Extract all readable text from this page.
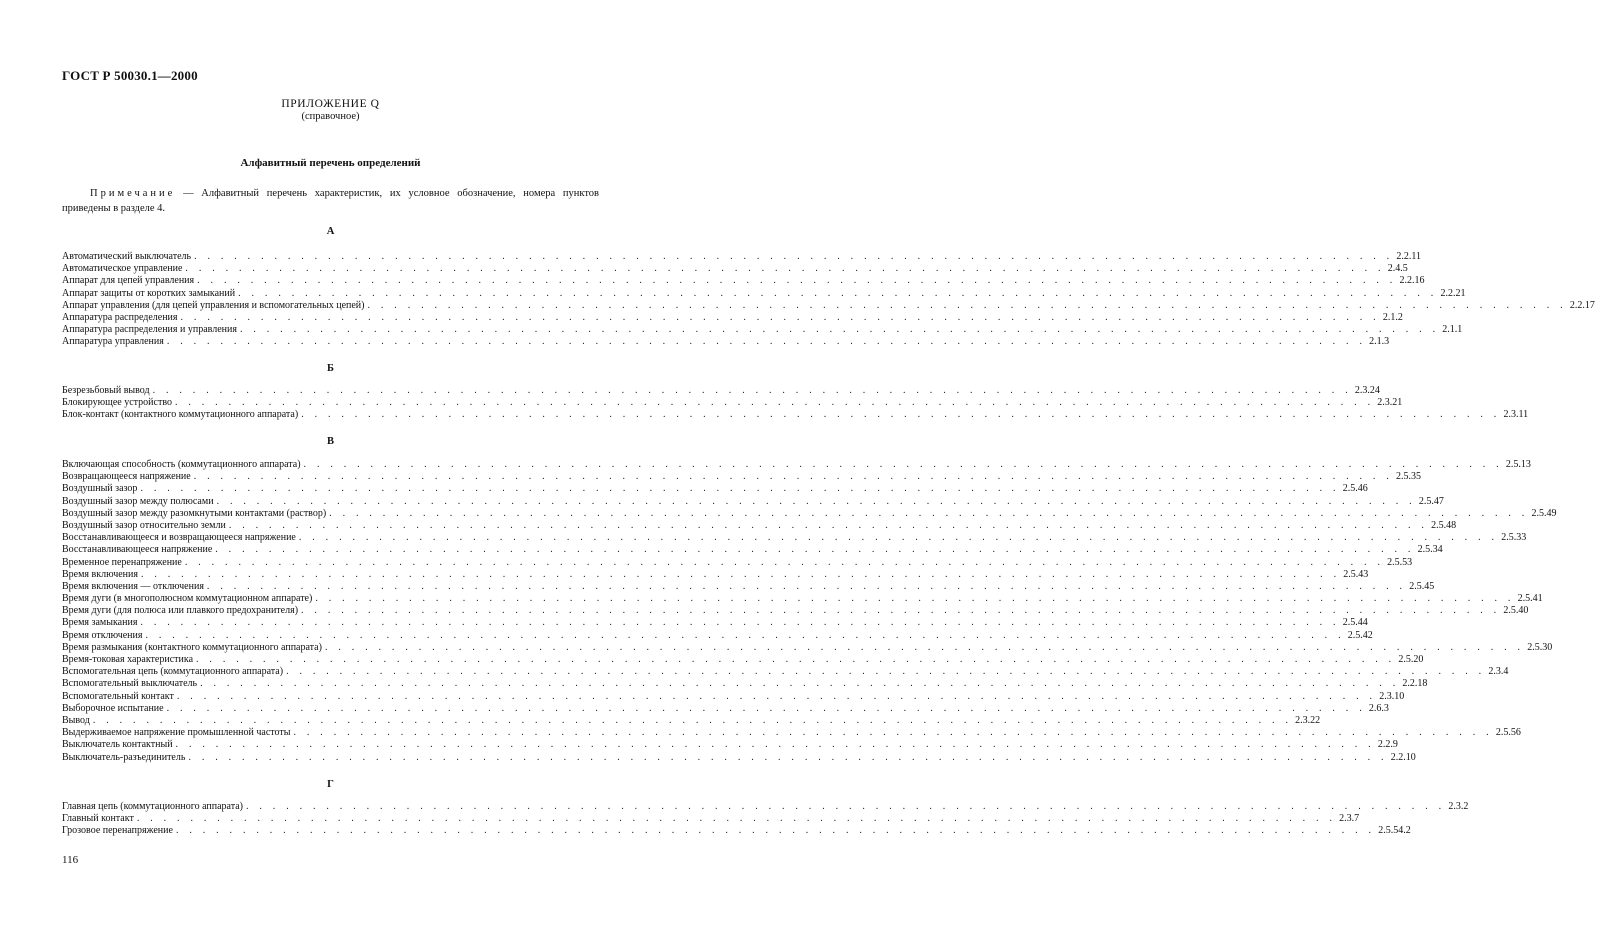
ГОСТ Р 50030.1—2000
ПРИЛОЖЕНИЕ Q
(справочное)
Алфавитный перечень определений
Примечание — Алфавитный перечень характеристик, их условное обозначение, номера пунктов приведены в разделе 4.
А
Автоматический выключатель . . . . . . . . . . . . . . . . . . . . . . . . . . . . . . . . . . . . . . . . . . . . . . . . . . . . . . . . . . . . . . . . . . . . . . . . . . . . . . . . . . . . . . . . . . 2.2.11
Автоматическое управление . . . . . . . . . . . . . . . . . . . . . . . . . . . . . . . . . . . . . . . . . . . . . . . . . . . . . . . . . . . . . . . . . . . . . . . . . . . . . . . . . . . . . . . . . . 2.4.5
Аппарат для цепей управления . . . . . . . . . . . . . . . . . . . . . . . . . . . . . . . . . . . . . . . . . . . . . . . . . . . . . . . . . . . . . . . . . . . . . . . . . . . . . . . . . . . . . . . . . . 2.2.16
Аппарат защиты от коротких замыканий . . . . . . . . . . . . . . . . . . . . . . . . . . . . . . . . . . . . . . . . . . . . . . . . . . . . . . . . . . . . . . . . . . . . . . . . . . . . . . . . . . . . . . . . . . 2.2.21
Аппарат управления (для цепей управления и вспомогательных цепей) . . . . . . . . . . . . . . . . . . . . . . . . . . . . . . . . . . . . . . . . . . . . . . . . . . . . . . . . . . . . . . . . . . . . . . . . . . . . . . . . . . . . . . . . . . 2.2.17
Аппаратура распределения . . . . . . . . . . . . . . . . . . . . . . . . . . . . . . . . . . . . . . . . . . . . . . . . . . . . . . . . . . . . . . . . . . . . . . . . . . . . . . . . . . . . . . . . . . 2.1.2
Аппаратура распределения и управления . . . . . . . . . . . . . . . . . . . . . . . . . . . . . . . . . . . . . . . . . . . . . . . . . . . . . . . . . . . . . . . . . . . . . . . . . . . . . . . . . . . . . . . . . . 2.1.1
Аппаратура управления . . . . . . . . . . . . . . . . . . . . . . . . . . . . . . . . . . . . . . . . . . . . . . . . . . . . . . . . . . . . . . . . . . . . . . . . . . . . . . . . . . . . . . . . . . 2.1.3
Б
Безрезьбовый вывод . . . . . . . . . . . . . . . . . . . . . . . . . . . . . . . . . . . . . . . . . . . . . . . . . . . . . . . . . . . . . . . . . . . . . . . . . . . . . . . . . . . . . . . . . . 2.3.24
Блокирующее устройство . . . . . . . . . . . . . . . . . . . . . . . . . . . . . . . . . . . . . . . . . . . . . . . . . . . . . . . . . . . . . . . . . . . . . . . . . . . . . . . . . . . . . . . . . . 2.3.21
Блок-контакт (контактного коммутационного аппарата) . . . . . . . . . . . . . . . . . . . . . . . . . . . . . . . . . . . . . . . . . . . . . . . . . . . . . . . . . . . . . . . . . . . . . . . . . . . . . . . . . . . . . . . . . . 2.3.11
В
Включающая способность (коммутационного аппарата) . . . . . . . . . . . . . . . . . . . . . . . . . . . . . . . . . . . . . . . . . . . . . . . . . . . . . . . . . . . . . . . . . . . . . . . . . . . . . . . . . . . . . . . . . . 2.5.13
Возвращающееся напряжение . . . . . . . . . . . . . . . . . . . . . . . . . . . . . . . . . . . . . . . . . . . . . . . . . . . . . . . . . . . . . . . . . . . . . . . . . . . . . . . . . . . . . . . . . . 2.5.35
Воздушный зазор . . . . . . . . . . . . . . . . . . . . . . . . . . . . . . . . . . . . . . . . . . . . . . . . . . . . . . . . . . . . . . . . . . . . . . . . . . . . . . . . . . . . . . . . . . 2.5.46
Воздушный зазор между полюсами . . . . . . . . . . . . . . . . . . . . . . . . . . . . . . . . . . . . . . . . . . . . . . . . . . . . . . . . . . . . . . . . . . . . . . . . . . . . . . . . . . . . . . . . . . 2.5.47
Воздушный зазор между разомкнутыми контактами (раствор) . . . . . . . . . . . . . . . . . . . . . . . . . . . . . . . . . . . . . . . . . . . . . . . . . . . . . . . . . . . . . . . . . . . . . . . . . . . . . . . . . . . . . . . . . . 2.5.49
Воздушный зазор относительно земли . . . . . . . . . . . . . . . . . . . . . . . . . . . . . . . . . . . . . . . . . . . . . . . . . . . . . . . . . . . . . . . . . . . . . . . . . . . . . . . . . . . . . . . . . . 2.5.48
Восстанавливающееся и возвращающееся напряжение . . . . . . . . . . . . . . . . . . . . . . . . . . . . . . . . . . . . . . . . . . . . . . . . . . . . . . . . . . . . . . . . . . . . . . . . . . . . . . . . . . . . . . . . . . 2.5.33
Восстанавливающееся напряжение . . . . . . . . . . . . . . . . . . . . . . . . . . . . . . . . . . . . . . . . . . . . . . . . . . . . . . . . . . . . . . . . . . . . . . . . . . . . . . . . . . . . . . . . . . 2.5.34
Временное перенапряжение . . . . . . . . . . . . . . . . . . . . . . . . . . . . . . . . . . . . . . . . . . . . . . . . . . . . . . . . . . . . . . . . . . . . . . . . . . . . . . . . . . . . . . . . . . 2.5.53
Время включения . . . . . . . . . . . . . . . . . . . . . . . . . . . . . . . . . . . . . . . . . . . . . . . . . . . . . . . . . . . . . . . . . . . . . . . . . . . . . . . . . . . . . . . . . . 2.5.43
Время включения — отключения . . . . . . . . . . . . . . . . . . . . . . . . . . . . . . . . . . . . . . . . . . . . . . . . . . . . . . . . . . . . . . . . . . . . . . . . . . . . . . . . . . . . . . . . . . 2.5.45
Время дуги (в многополюсном коммутационном аппарате) . . . . . . . . . . . . . . . . . . . . . . . . . . . . . . . . . . . . . . . . . . . . . . . . . . . . . . . . . . . . . . . . . . . . . . . . . . . . . . . . . . . . . . . . . . 2.5.41
Время дуги (для полюса или плавкого предохранителя) . . . . . . . . . . . . . . . . . . . . . . . . . . . . . . . . . . . . . . . . . . . . . . . . . . . . . . . . . . . . . . . . . . . . . . . . . . . . . . . . . . . . . . . . . . 2.5.40
Время замыкания . . . . . . . . . . . . . . . . . . . . . . . . . . . . . . . . . . . . . . . . . . . . . . . . . . . . . . . . . . . . . . . . . . . . . . . . . . . . . . . . . . . . . . . . . . 2.5.44
Время отключения . . . . . . . . . . . . . . . . . . . . . . . . . . . . . . . . . . . . . . . . . . . . . . . . . . . . . . . . . . . . . . . . . . . . . . . . . . . . . . . . . . . . . . . . . . 2.5.42
Время размыкания (контактного коммутационного аппарата) . . . . . . . . . . . . . . . . . . . . . . . . . . . . . . . . . . . . . . . . . . . . . . . . . . . . . . . . . . . . . . . . . . . . . . . . . . . . . . . . . . . . . . . . . . 2.5.30
Время-токовая характеристика . . . . . . . . . . . . . . . . . . . . . . . . . . . . . . . . . . . . . . . . . . . . . . . . . . . . . . . . . . . . . . . . . . . . . . . . . . . . . . . . . . . . . . . . . . 2.5.20
Вспомогательная цепь (коммутационного аппарата) . . . . . . . . . . . . . . . . . . . . . . . . . . . . . . . . . . . . . . . . . . . . . . . . . . . . . . . . . . . . . . . . . . . . . . . . . . . . . . . . . . . . . . . . . . 2.3.4
Вспомогательный выключатель . . . . . . . . . . . . . . . . . . . . . . . . . . . . . . . . . . . . . . . . . . . . . . . . . . . . . . . . . . . . . . . . . . . . . . . . . . . . . . . . . . . . . . . . . . 2.2.18
Вспомогательный контакт . . . . . . . . . . . . . . . . . . . . . . . . . . . . . . . . . . . . . . . . . . . . . . . . . . . . . . . . . . . . . . . . . . . . . . . . . . . . . . . . . . . . . . . . . . 2.3.10
Выборочное испытание . . . . . . . . . . . . . . . . . . . . . . . . . . . . . . . . . . . . . . . . . . . . . . . . . . . . . . . . . . . . . . . . . . . . . . . . . . . . . . . . . . . . . . . . . . 2.6.3
Вывод . . . . . . . . . . . . . . . . . . . . . . . . . . . . . . . . . . . . . . . . . . . . . . . . . . . . . . . . . . . . . . . . . . . . . . . . . . . . . . . . . . . . . . . . . . 2.3.22
Выдерживаемое напряжение промышленной частоты . . . . . . . . . . . . . . . . . . . . . . . . . . . . . . . . . . . . . . . . . . . . . . . . . . . . . . . . . . . . . . . . . . . . . . . . . . . . . . . . . . . . . . . . . . 2.5.56
Выключатель контактный . . . . . . . . . . . . . . . . . . . . . . . . . . . . . . . . . . . . . . . . . . . . . . . . . . . . . . . . . . . . . . . . . . . . . . . . . . . . . . . . . . . . . . . . . . 2.2.9
Выключатель-разъединитель . . . . . . . . . . . . . . . . . . . . . . . . . . . . . . . . . . . . . . . . . . . . . . . . . . . . . . . . . . . . . . . . . . . . . . . . . . . . . . . . . . . . . . . . . . 2.2.10
Г
Главная цепь (коммутационного аппарата) . . . . . . . . . . . . . . . . . . . . . . . . . . . . . . . . . . . . . . . . . . . . . . . . . . . . . . . . . . . . . . . . . . . . . . . . . . . . . . . . . . . . . . . . . . 2.3.2
Главный контакт . . . . . . . . . . . . . . . . . . . . . . . . . . . . . . . . . . . . . . . . . . . . . . . . . . . . . . . . . . . . . . . . . . . . . . . . . . . . . . . . . . . . . . . . . . 2.3.7
Грозовое перенапряжение . . . . . . . . . . . . . . . . . . . . . . . . . . . . . . . . . . . . . . . . . . . . . . . . . . . . . . . . . . . . . . . . . . . . . . . . . . . . . . . . . . . . . . . . . . 2.5.54.2
116
